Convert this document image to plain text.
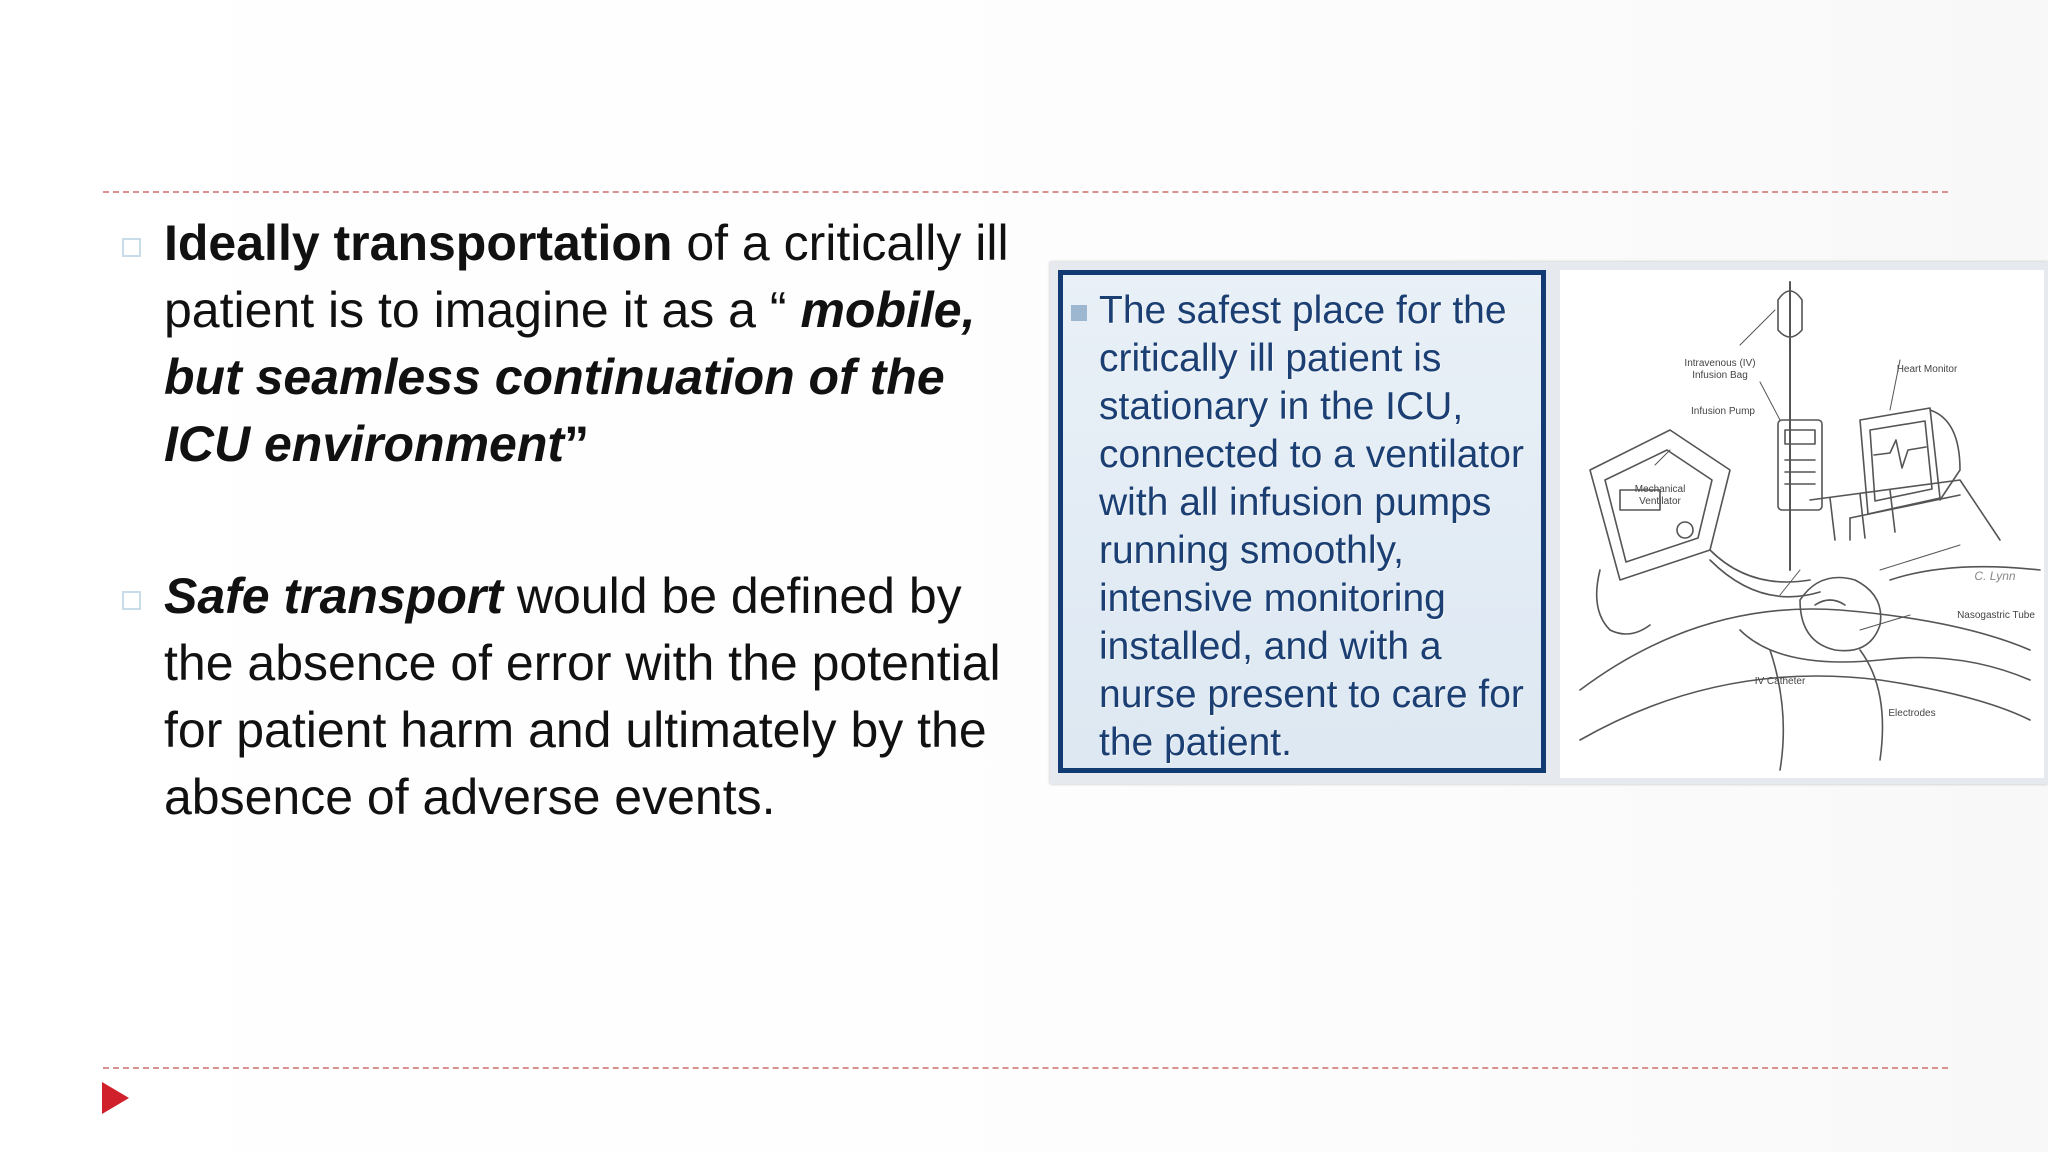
Ideally transportation of a critically ill patient is to imagine it as a “ mobile, but seamless continuation of the ICU environment”
Safe transport would be defined by the absence of error with the potential for patient harm and ultimately by the absence of adverse events.
The safest place for the critically ill patient is stationary in the ICU, connected to a ventilator with all infusion pumps running smoothly, intensive monitoring installed, and with a nurse present to care for the patient.
Intravenous (IV)
Infusion Bag
Infusion Pump
Heart Monitor
Mechanical
Ventilator
Nasogastric Tube
IV Catheter
Electrodes
C. Lynn
